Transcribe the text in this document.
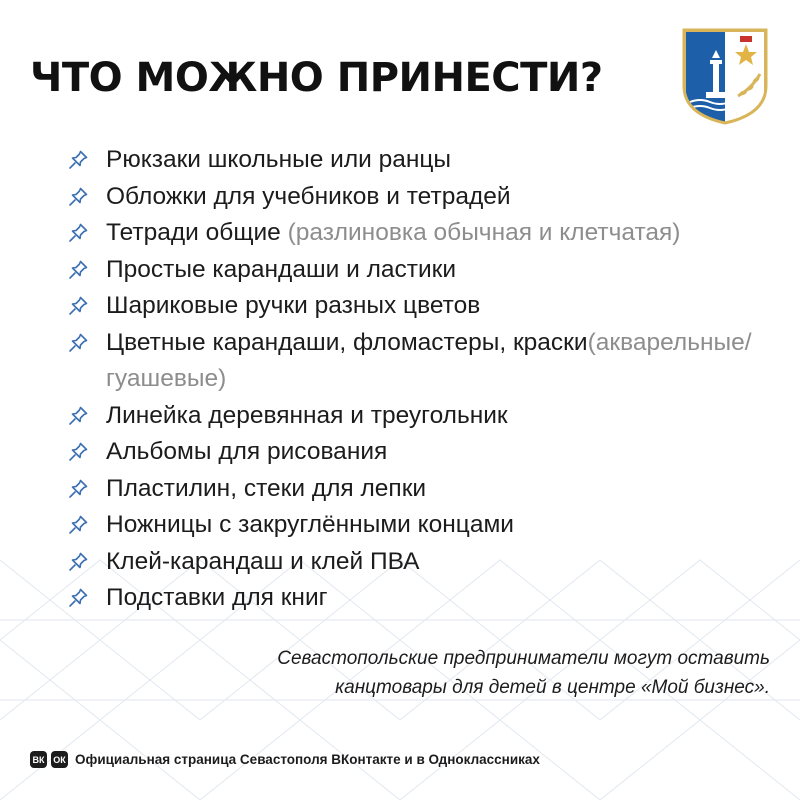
ЧТО МОЖНО ПРИНЕСТИ?
Рюкзаки школьные или ранцы
Обложки для учебников и тетрадей
Тетради общие (разлиновка обычная и клетчатая)
Простые карандаши и ластики
Шариковые ручки разных цветов
Цветные карандаши, фломастеры, краски(акварельные/гуашевые)
Линейка деревянная и треугольник
Альбомы для рисования
Пластилин, стеки для лепки
Ножницы с закруглёнными концами
Клей-карандаш и клей ПВА
Подставки для книг
Севастопольские предприниматели могут оставить
канцтовары для детей в центре «Мой бизнес».
ВК ОК Официальная страница Севастополя ВКонтакте и в Одноклассниках
